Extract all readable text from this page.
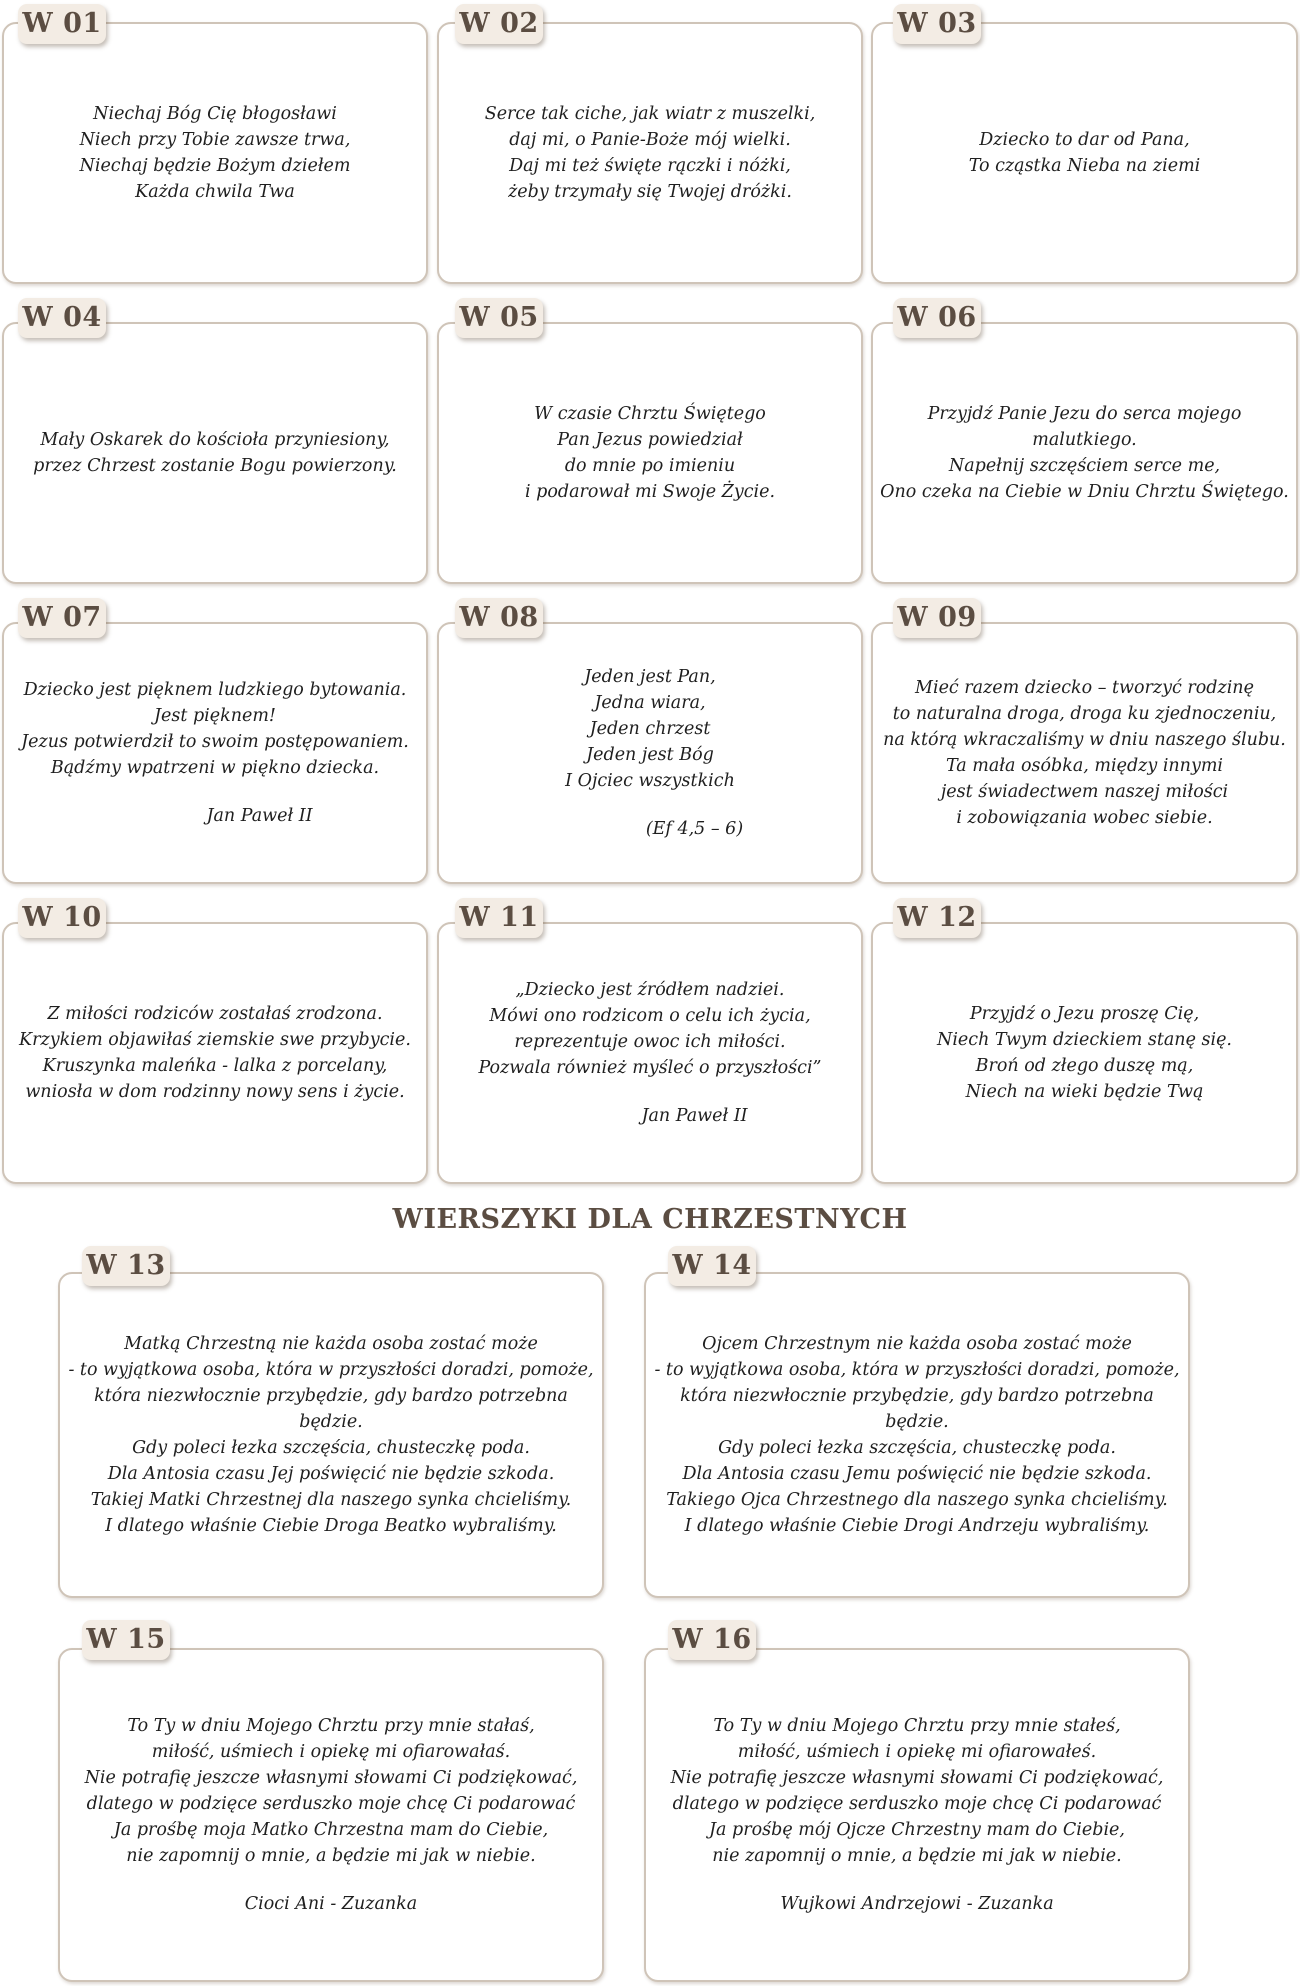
Niechaj Bóg Cię błogosławi
Niech przy Tobie zawsze trwa,
Niechaj będzie Bożym dziełem
Każda chwila Twa
W 01
Serce tak ciche, jak wiatr z muszelki,
daj mi, o Panie-Boże mój wielki.
Daj mi też święte rączki i nóżki,
żeby trzymały się Twojej dróżki.
W 02
Dziecko to dar od Pana,
To cząstka Nieba na ziemi
W 03
Mały Oskarek do kościoła przyniesiony,
przez Chrzest zostanie Bogu powierzony.
W 04
W czasie Chrztu Świętego
Pan Jezus powiedział
do mnie po imieniu
i podarował mi Swoje Życie.
W 05
Przyjdź Panie Jezu do serca mojego malutkiego.
Napełnij szczęściem serce me,
Ono czeka na Ciebie w Dniu Chrztu Świętego.
W 06
Dziecko jest pięknem ludzkiego bytowania.
Jest pięknem!
Jezus potwierdził to swoim postępowaniem.
Bądźmy wpatrzeni w piękno dziecka.
Jan Paweł II
W 07
Jeden jest Pan,
Jedna wiara,
Jeden chrzest
Jeden jest Bóg
I Ojciec wszystkich
(Ef 4,5 – 6)
W 08
Mieć razem dziecko – tworzyć rodzinę
to naturalna droga, droga ku zjednoczeniu,
na którą wkraczaliśmy w dniu naszego ślubu.
Ta mała osóbka, między innymi
jest świadectwem naszej miłości
i zobowiązania wobec siebie.
W 09
Z miłości rodziców zostałaś zrodzona.
Krzykiem objawiłaś ziemskie swe przybycie.
Kruszynka maleńka - lalka z porcelany,
wniosła w dom rodzinny nowy sens i życie.
W 10
„Dziecko jest źródłem nadziei.
Mówi ono rodzicom o celu ich życia,
reprezentuje owoc ich miłości.
Pozwala również myśleć o przyszłości”
Jan Paweł II
W 11
Przyjdź o Jezu proszę Cię,
Niech Twym dzieckiem stanę się.
Broń od złego duszę mą,
Niech na wieki będzie Twą
W 12
WIERSZYKI DLA CHRZESTNYCH
Matką Chrzestną nie każda osoba zostać może
- to wyjątkowa osoba, która w przyszłości doradzi, pomoże,
która niezwłocznie przybędzie, gdy bardzo potrzebna będzie.
Gdy poleci łezka szczęścia, chusteczkę poda.
Dla Antosia czasu Jej poświęcić nie będzie szkoda.
Takiej Matki Chrzestnej dla naszego synka chcieliśmy.
I dlatego właśnie Ciebie Droga Beatko wybraliśmy.
W 13
Ojcem Chrzestnym nie każda osoba zostać może
- to wyjątkowa osoba, która w przyszłości doradzi, pomoże,
która niezwłocznie przybędzie, gdy bardzo potrzebna będzie.
Gdy poleci łezka szczęścia, chusteczkę poda.
Dla Antosia czasu Jemu poświęcić nie będzie szkoda.
Takiego Ojca Chrzestnego dla naszego synka chcieliśmy.
I dlatego właśnie Ciebie Drogi Andrzeju wybraliśmy.
W 14
To Ty w dniu Mojego Chrztu przy mnie stałaś,
miłość, uśmiech i opiekę mi ofiarowałaś.
Nie potrafię jeszcze własnymi słowami Ci podziękować,
dlatego w podzięce serduszko moje chcę Ci podarować
Ja prośbę moja Matko Chrzestna mam do Ciebie,
nie zapomnij o mnie, a będzie mi jak w niebie.
Cioci Ani - Zuzanka
W 15
To Ty w dniu Mojego Chrztu przy mnie stałeś,
miłość, uśmiech i opiekę mi ofiarowałeś.
Nie potrafię jeszcze własnymi słowami Ci podziękować,
dlatego w podzięce serduszko moje chcę Ci podarować
Ja prośbę mój Ojcze Chrzestny mam do Ciebie,
nie zapomnij o mnie, a będzie mi jak w niebie.
Wujkowi Andrzejowi - Zuzanka
W 16
